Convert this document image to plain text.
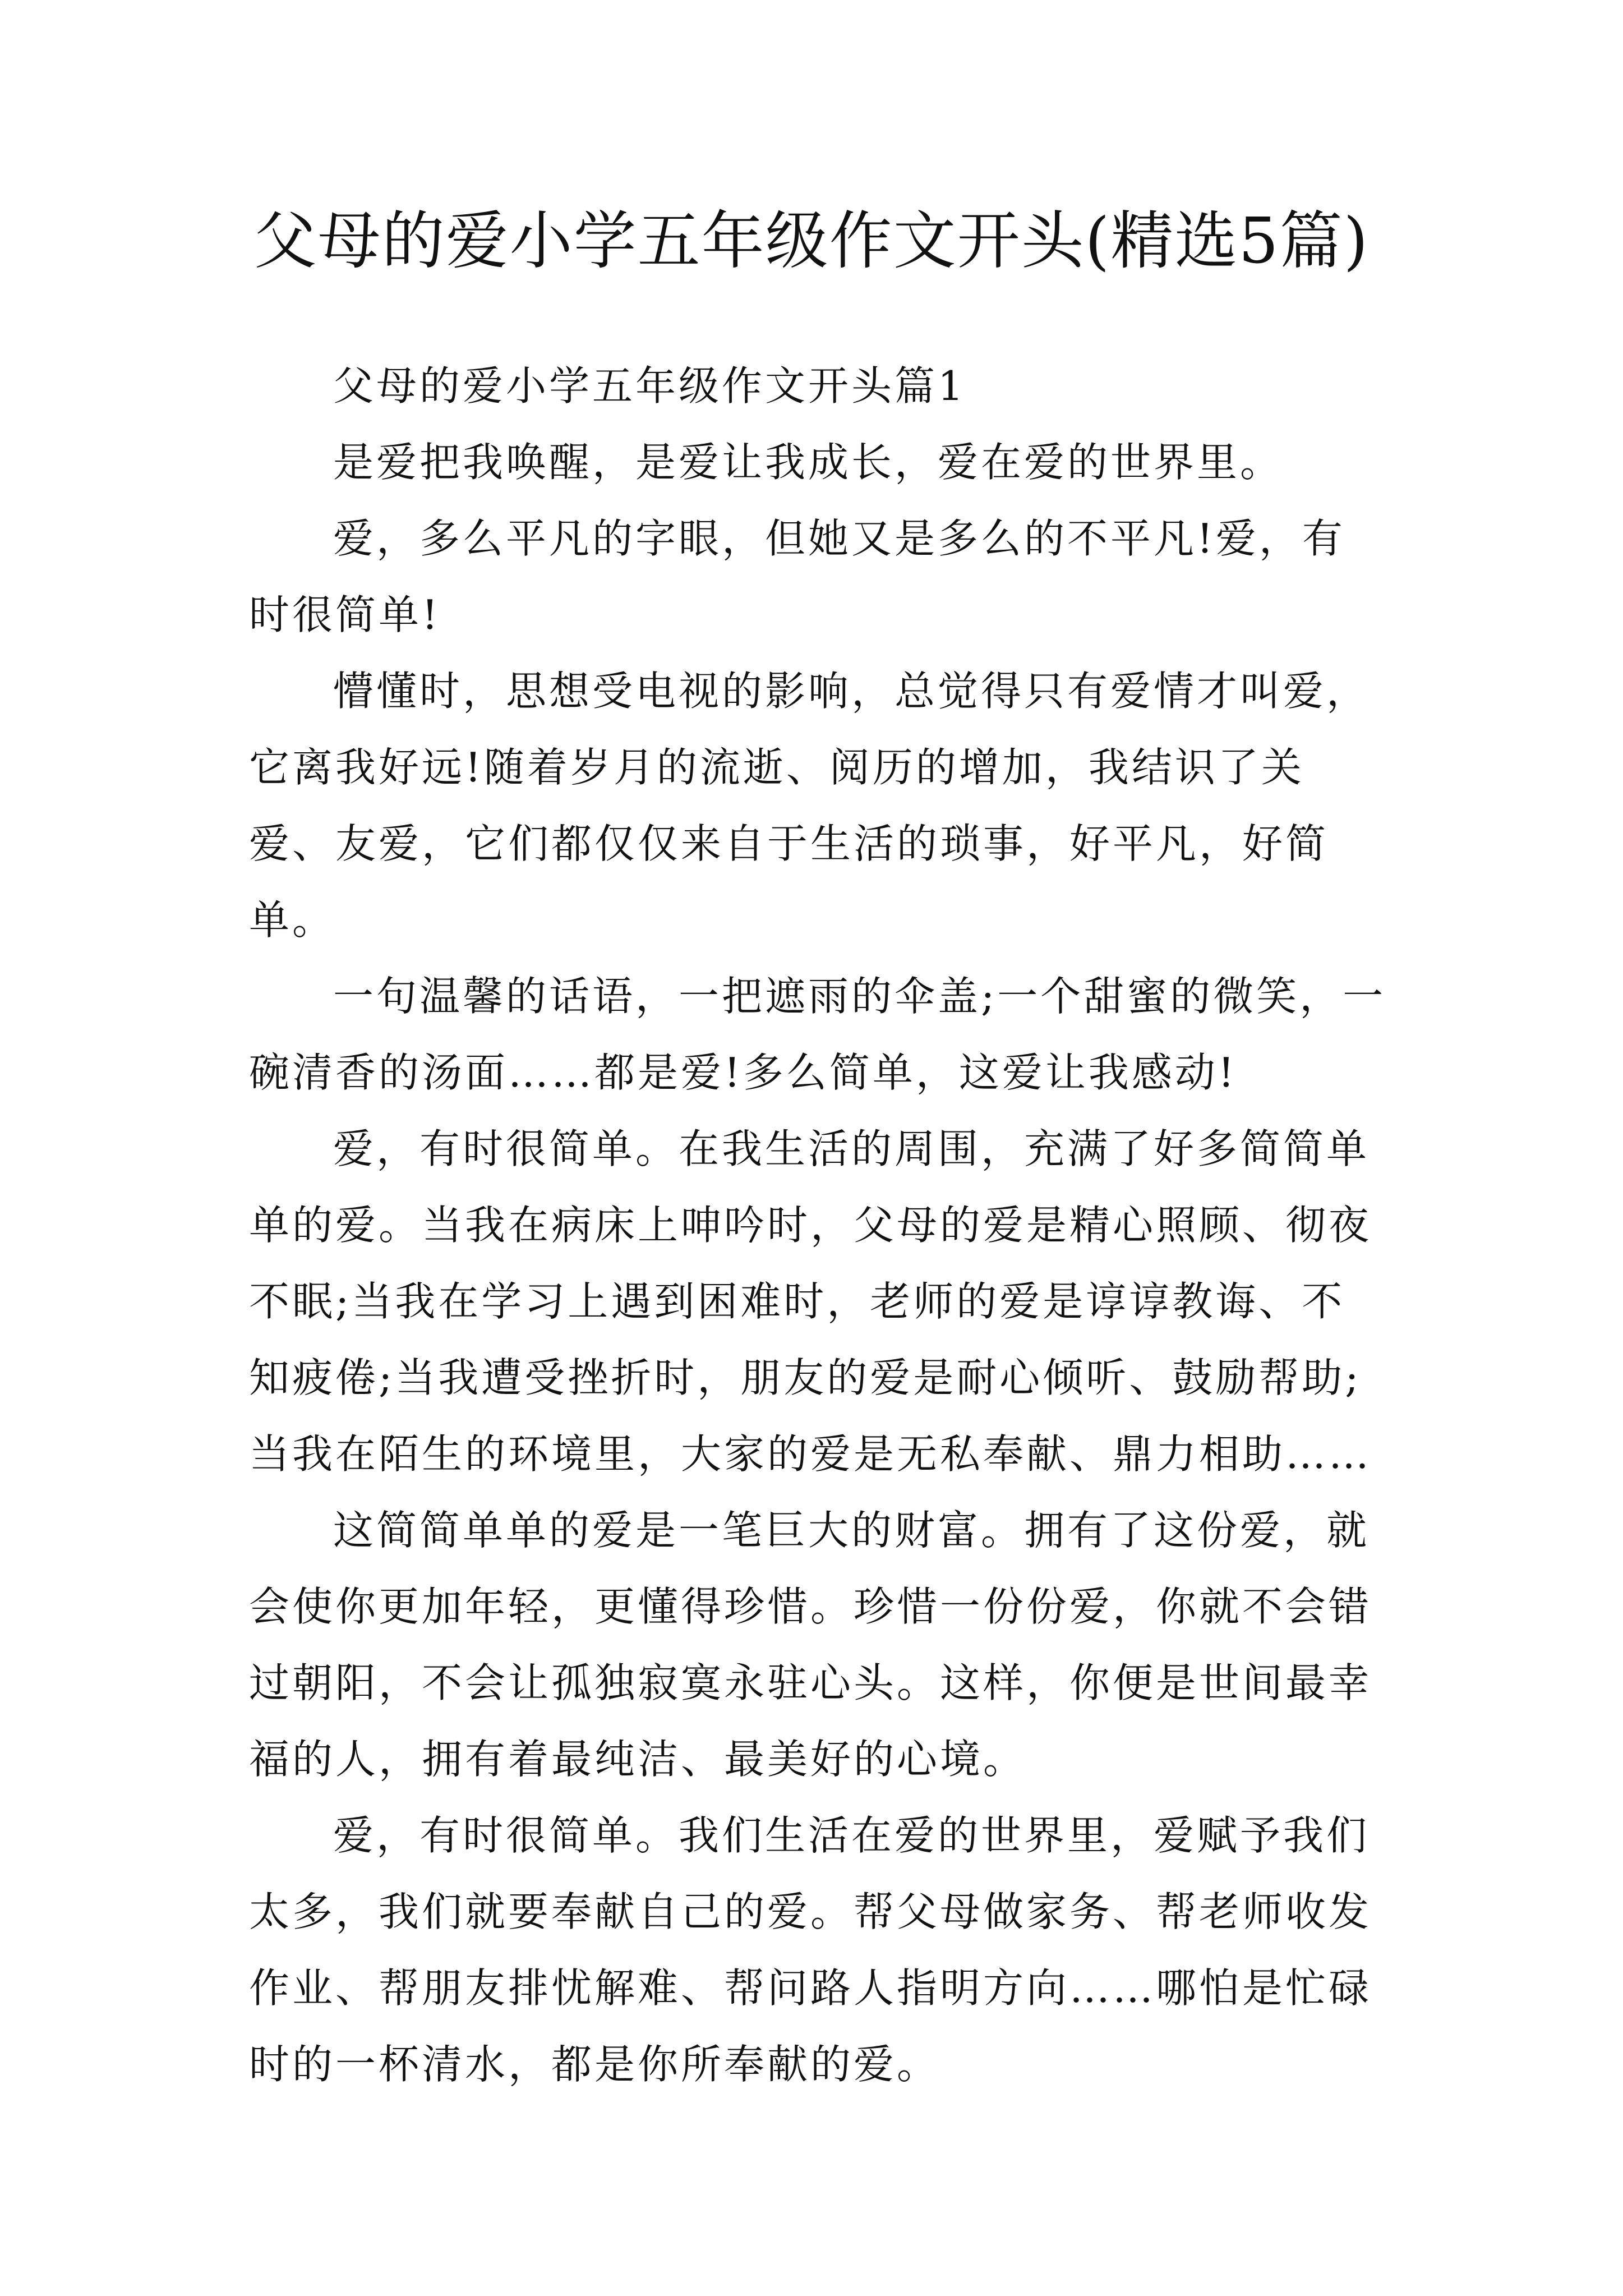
父母的爱小学五年级作文开头(精选5篇)

父母的爱小学五年级作文开头篇1

是爱把我唤醒，是爱让我成长，爱在爱的世界里。

爱，多么平凡的字眼，但她又是多么的不平凡!爱，有时很简单!

懵懂时，思想受电视的影响，总觉得只有爱情才叫爱，它离我好远!随着岁月的流逝、阅历的增加，我结识了关爱、友爱，它们都仅仅来自于生活的琐事，好平凡，好简单。

一句温馨的话语，一把遮雨的伞盖;一个甜蜜的微笑，一碗清香的汤面……都是爱!多么简单，这爱让我感动!

爱，有时很简单。在我生活的周围，充满了好多简简单单的爱。当我在病床上呻吟时，父母的爱是精心照顾、彻夜不眠;当我在学习上遇到困难时，老师的爱是谆谆教诲、不知疲倦;当我遭受挫折时，朋友的爱是耐心倾听、鼓励帮助;当我在陌生的环境里，大家的爱是无私奉献、鼎力相助……

这简简单单的爱是一笔巨大的财富。拥有了这份爱，就会使你更加年轻，更懂得珍惜。珍惜一份份爱，你就不会错过朝阳，不会让孤独寂寞永驻心头。这样，你便是世间最幸福的人，拥有着最纯洁、最美好的心境。

爱，有时很简单。我们生活在爱的世界里，爱赋予我们太多，我们就要奉献自己的爱。帮父母做家务、帮老师收发作业、帮朋友排忧解难、帮问路人指明方向……哪怕是忙碌时的一杯清水，都是你所奉献的爱。
